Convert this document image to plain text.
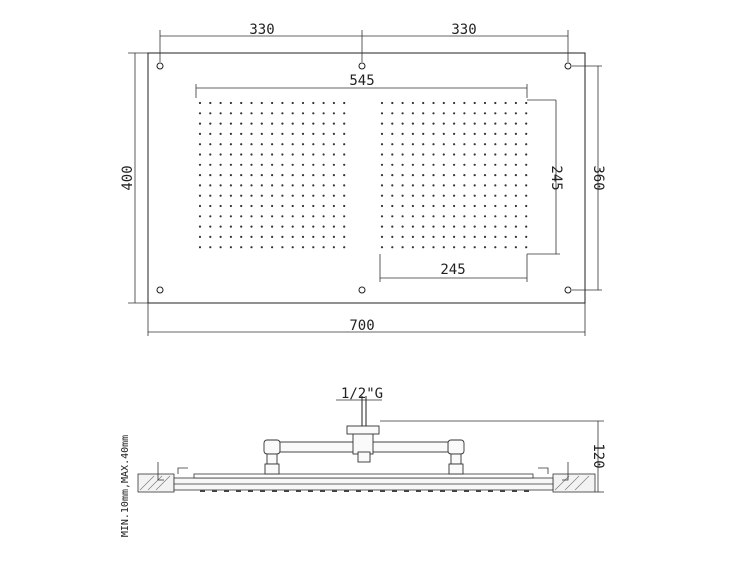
330	330
545
400	360
245
245
700
1/2"G
120
MIN.10mm,MAX.40mm
